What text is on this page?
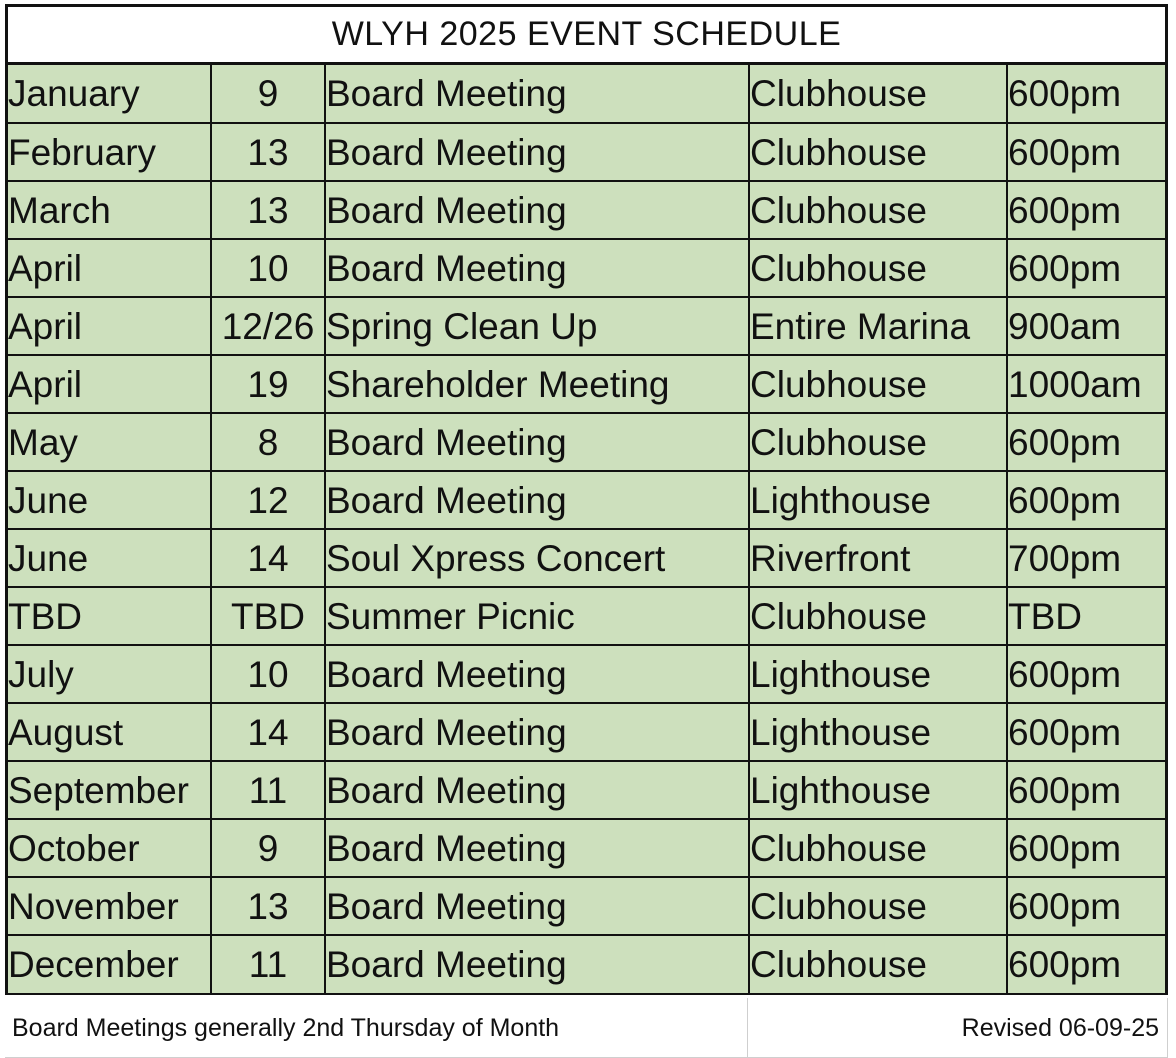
WLYH 2025 EVENT SCHEDULE
January	9	Board Meeting	Clubhouse	600pm
February	13	Board Meeting	Clubhouse	600pm
March	13	Board Meeting	Clubhouse	600pm
April	10	Board Meeting	Clubhouse	600pm
April	12/26	Spring Clean Up	Entire Marina	900am
April	19	Shareholder Meeting	Clubhouse	1000am
May	8	Board Meeting	Clubhouse	600pm
June	12	Board Meeting	Lighthouse	600pm
June	14	Soul Xpress Concert	Riverfront	700pm
TBD	TBD	Summer Picnic	Clubhouse	TBD
July	10	Board Meeting	Lighthouse	600pm
August	14	Board Meeting	Lighthouse	600pm
September	11	Board Meeting	Lighthouse	600pm
October	9	Board Meeting	Clubhouse	600pm
November	13	Board Meeting	Clubhouse	600pm
December	11	Board Meeting	Clubhouse	600pm
Board Meetings generally 2nd Thursday of Month	Revised 06-09-25
